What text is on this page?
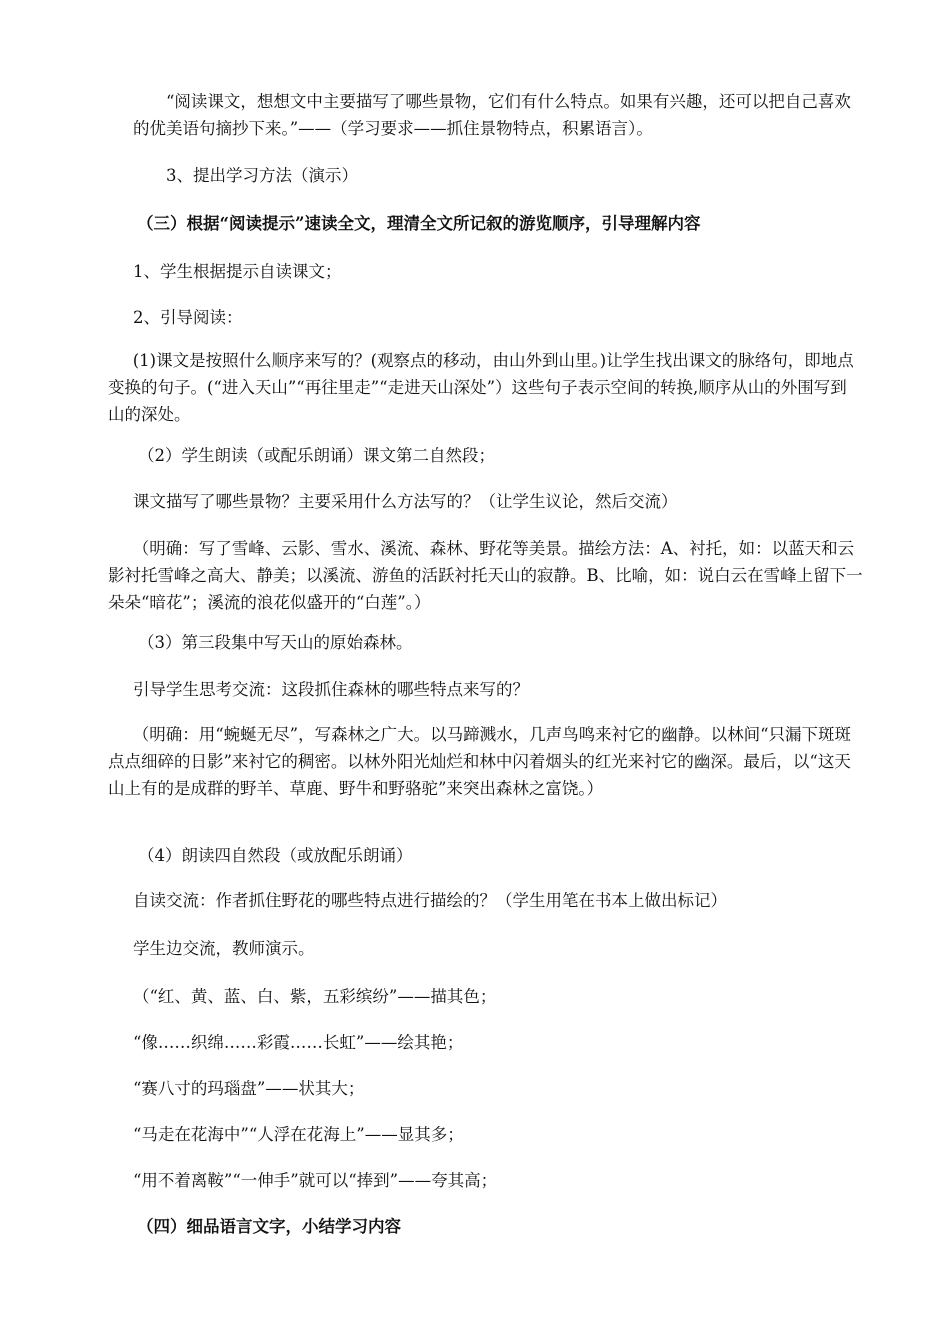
“阅读课文，想想文中主要描写了哪些景物，它们有什么特点。如果有兴趣，还可以把自己喜欢的优美语句摘抄下来。”——（学习要求——抓住景物特点，积累语言）。

3、提出学习方法（演示）

（三）根据“阅读提示”速读全文，理清全文所记叙的游览顺序，引导理解内容

1、学生根据提示自读课文；

2、引导阅读：

(1)课文是按照什么顺序来写的？(观察点的移动，由山外到山里。)让学生找出课文的脉络句，即地点变换的句子。(“进入天山”“再往里走”“走进天山深处”）这些句子表示空间的转换,顺序从山的外围写到山的深处。

（2）学生朗读（或配乐朗诵）课文第二自然段；

课文描写了哪些景物？主要采用什么方法写的？（让学生议论，然后交流）

（明确：写了雪峰、云影、雪水、溪流、森林、野花等美景。描绘方法：A、衬托，如：以蓝天和云影衬托雪峰之高大、静美；以溪流、游鱼的活跃衬托天山的寂静。B、比喻，如：说白云在雪峰上留下一朵朵“暗花”；溪流的浪花似盛开的“白莲”。）

（3）第三段集中写天山的原始森林。

引导学生思考交流：这段抓住森林的哪些特点来写的？

（明确：用“蜿蜒无尽”，写森林之广大。以马蹄溅水，几声鸟鸣来衬它的幽静。以林间“只漏下斑斑点点细碎的日影”来衬它的稠密。以林外阳光灿烂和林中闪着烟头的红光来衬它的幽深。最后，以“这天山上有的是成群的野羊、草鹿、野牛和野骆驼”来突出森林之富饶。）

（4）朗读四自然段（或放配乐朗诵）

自读交流：作者抓住野花的哪些特点进行描绘的？（学生用笔在书本上做出标记）

学生边交流，教师演示。

（“红、黄、蓝、白、紫，五彩缤纷”——描其色；

“像……织绵……彩霞……长虹”——绘其艳；

“赛八寸的玛瑙盘”——状其大；

“马走在花海中”“人浮在花海上”——显其多；

“用不着离鞍”“一伸手”就可以“捧到”——夸其高；

（四）细品语言文字，小结学习内容
